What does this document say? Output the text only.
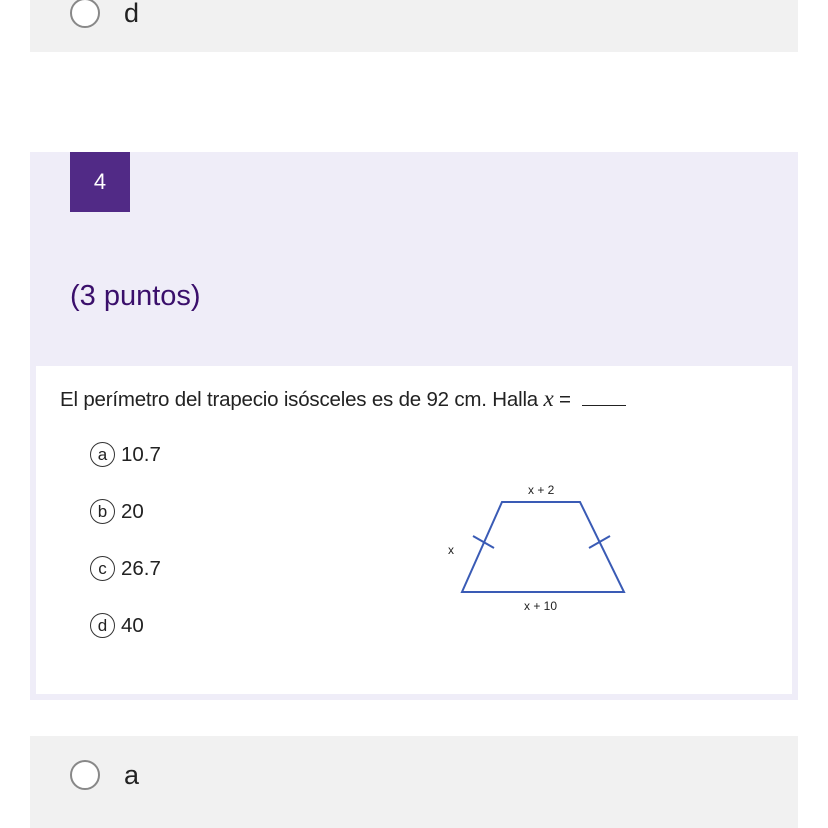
d
4
(3 puntos)
El perímetro del trapecio isósceles es de 92 cm. Halla x =
a 10.7
b 20
c 26.7
d 40
x + 2
x
x + 10
a
